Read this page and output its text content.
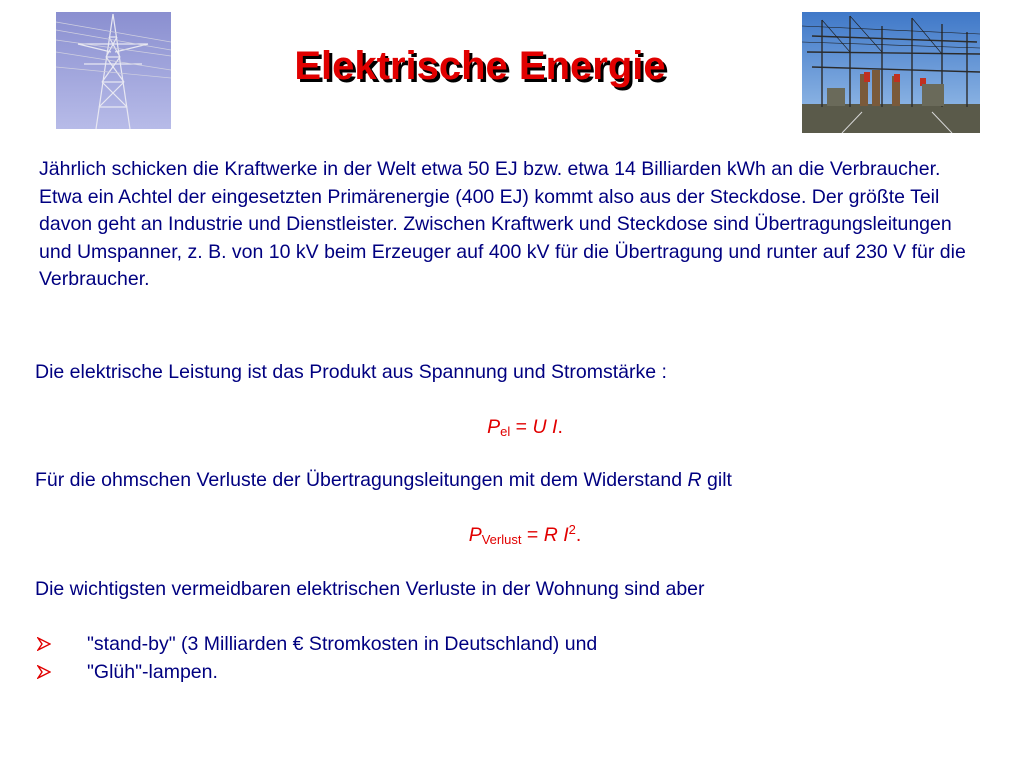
Elektrische Energie
Jährlich schicken die Kraftwerke in der Welt etwa 50 EJ bzw. etwa 14 Billiarden kWh an die Verbraucher. Etwa ein Achtel der eingesetzten Primärenergie (400 EJ) kommt also aus der Steckdose. Der größte Teil davon geht an Industrie und Dienstleister. Zwischen Kraftwerk und Steckdose sind Übertragungsleitungen und Umspanner, z. B. von 10 kV beim Erzeuger auf 400 kV für die Übertragung und runter auf 230 V für die Verbraucher.
Die elektrische Leistung ist das Produkt aus Spannung und Stromstärke :
$P_{el} = U$ I.
Für die ohmschen Verluste der Übertragungsleitungen mit dem Widerstand R gilt
$P_{Verlust} = R$ $I^2$.
Die wichtigsten vermeidbaren elektrischen Verluste in der Wohnung sind aber
"stand-by" (3 Milliarden € Stromkosten in Deutschland) und
"Glüh"-lampen.
